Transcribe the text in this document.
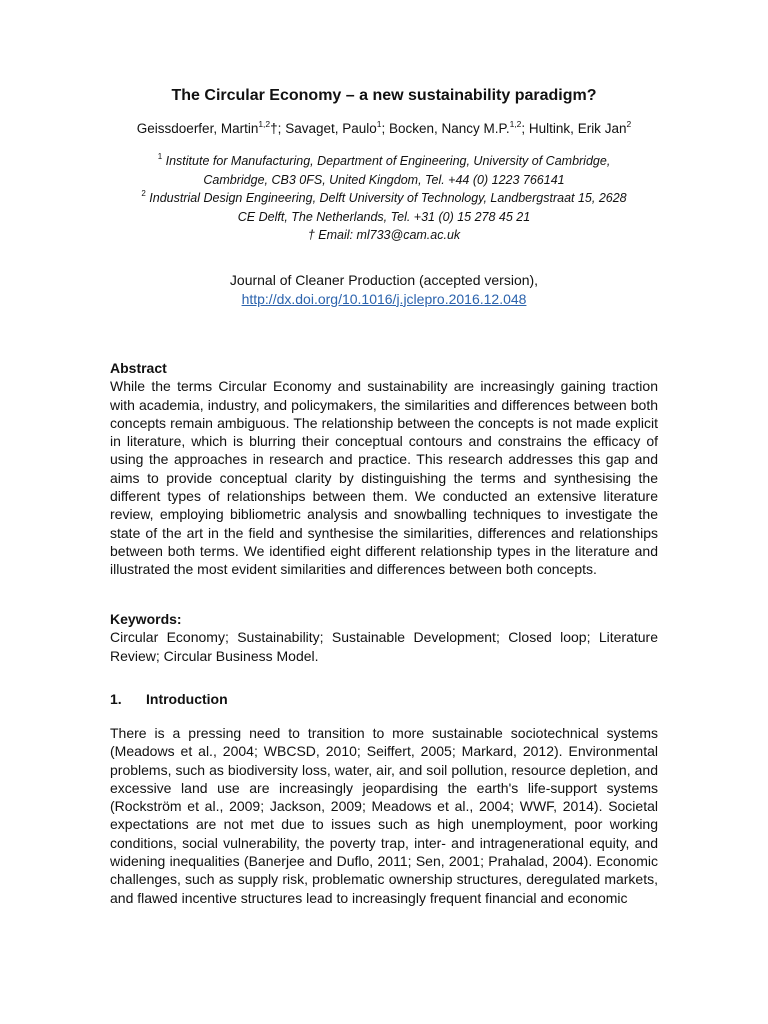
The Circular Economy – a new sustainability paradigm?
Geissdoerfer, Martin$^{1,2}$†; Savaget, Paulo$^1$; Bocken, Nancy M.P.$^{1,2}$; Hultink, Erik Jan$^2$
$^1$ Institute for Manufacturing, Department of Engineering, University of Cambridge,
Cambridge, CB3 0FS, United Kingdom, Tel. +44 (0) 1223 766141
$^2$ Industrial Design Engineering, Delft University of Technology, Landbergstraat 15, 2628
CE Delft, The Netherlands, Tel. +31 (0) 15 278 45 21
† Email: ml733@cam.ac.uk
Journal of Cleaner Production (accepted version),
http://dx.doi.org/10.1016/j.jclepro.2016.12.048
Abstract
While the terms Circular Economy and sustainability are increasingly gaining traction with academia, industry, and policymakers, the similarities and differences between both concepts remain ambiguous. The relationship between the concepts is not made explicit in literature, which is blurring their conceptual contours and constrains the efficacy of using the approaches in research and practice. This research addresses this gap and aims to provide conceptual clarity by distinguishing the terms and synthesising the different types of relationships between them. We conducted an extensive literature review, employing bibliometric analysis and snowballing techniques to investigate the state of the art in the field and synthesise the similarities, differences and relationships between both terms. We identified eight different relationship types in the literature and illustrated the most evident similarities and differences between both concepts.
Keywords:
Circular Economy; Sustainability; Sustainable Development; Closed loop; Literature Review; Circular Business Model.
1. Introduction
There is a pressing need to transition to more sustainable sociotechnical systems (Meadows et al., 2004; WBCSD, 2010; Seiffert, 2005; Markard, 2012). Environmental problems, such as biodiversity loss, water, air, and soil pollution, resource depletion, and excessive land use are increasingly jeopardising the earth's life-support systems (Rockström et al., 2009; Jackson, 2009; Meadows et al., 2004; WWF, 2014). Societal expectations are not met due to issues such as high unemployment, poor working conditions, social vulnerability, the poverty trap, inter- and intragenerational equity, and widening inequalities (Banerjee and Duflo, 2011; Sen, 2001; Prahalad, 2004). Economic challenges, such as supply risk, problematic ownership structures, deregulated markets, and flawed incentive structures lead to increasingly frequent financial and economic
